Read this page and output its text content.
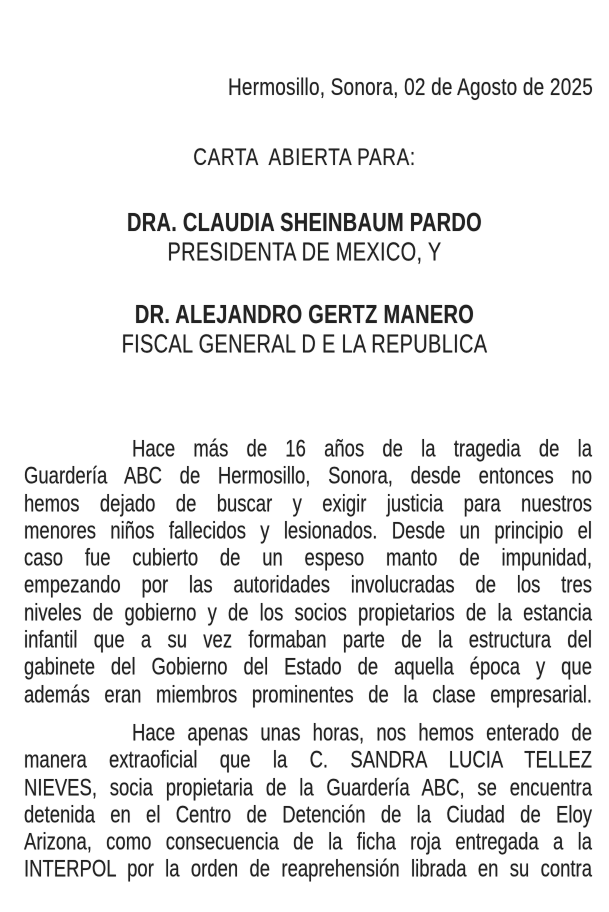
Hermosillo, Sonora, 02 de Agosto de 2025
CARTA  ABIERTA PARA:
DRA. CLAUDIA SHEINBAUM PARDO
PRESIDENTA DE MEXICO, Y
DR. ALEJANDRO GERTZ MANERO
FISCAL GENERAL D E LA REPUBLICA
Hace más de 16 años de la tragedia de la
Guardería ABC de Hermosillo, Sonora, desde entonces no
hemos dejado de buscar y exigir justicia para nuestros
menores niños fallecidos y lesionados. Desde un principio el
caso fue cubierto de un espeso manto de impunidad,
empezando por las autoridades involucradas de los tres
niveles de gobierno y de los socios propietarios de la estancia
infantil que a su vez formaban parte de la estructura del
gabinete del Gobierno del Estado de aquella época y que
además eran miembros prominentes de la clase empresarial.
Hace apenas unas horas, nos hemos enterado de
manera extraoficial que la C. SANDRA LUCIA TELLEZ
NIEVES, socia propietaria de la Guardería ABC, se encuentra
detenida en el Centro de Detención de la Ciudad de Eloy
Arizona, como consecuencia de la ficha roja entregada a la
INTERPOL por la orden de reaprehensión librada en su contra
